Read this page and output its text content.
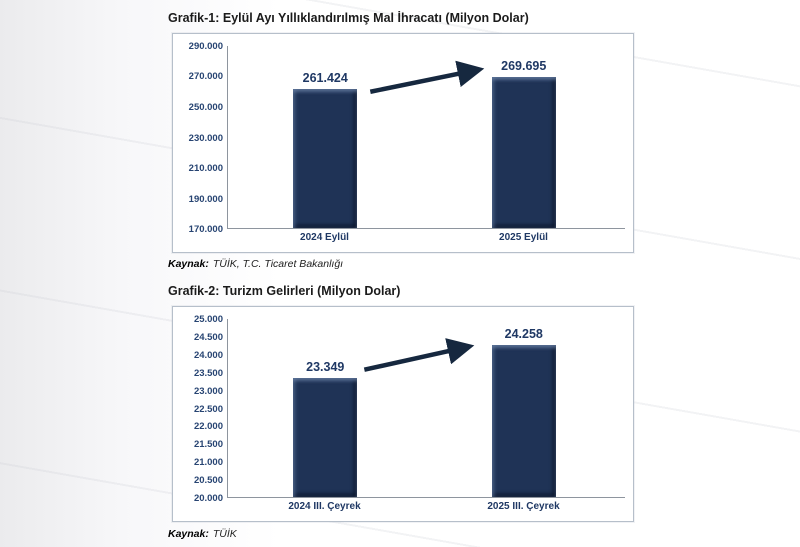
Grafik-1: Eylül Ayı Yıllıklandırılmış Mal İhracatı (Milyon Dolar)
290.000
270.000
250.000
230.000
210.000
190.000
170.000
261.424
269.695
2024 Eylül	2025 Eylül
Kaynak: TÜİK, T.C. Ticaret Bakanlığı
Grafik-2: Turizm Gelirleri (Milyon Dolar)
25.000
24.500
24.000
23.500
23.000
22.500
22.000
21.500
21.000
20.500
20.000
23.349
24.258
2024 III. Çeyrek	2025 III. Çeyrek
Kaynak: TÜİK
